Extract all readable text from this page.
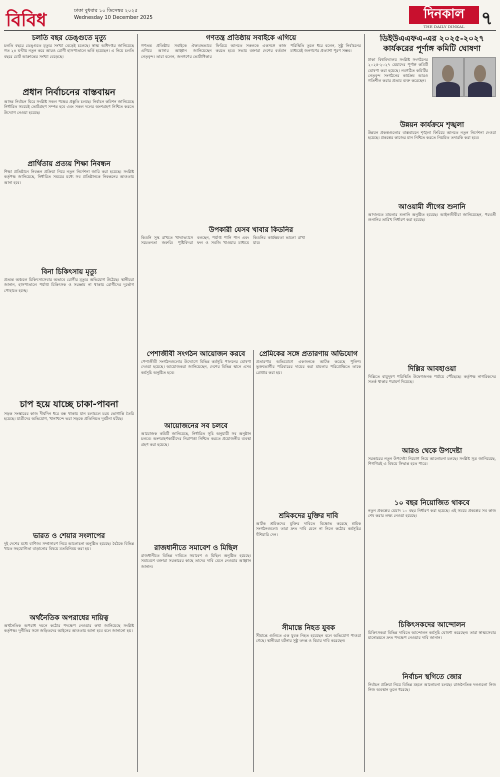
বিবিধ	ঢাকা বুধবার ১০ ডিসেম্বর ২০২৫
Wednesday 10 December 2025	দিনকাল
THE DAILY DINKAL ৭
চলতি বছর ডেঙ্গুতে মৃত্যু
চলতি বছরে ডেঙ্গুতে মৃত্যুর সংখ্যা বেড়েই চলেছে। স্বাস্থ্য অধিদপ্তর জানিয়েছে গত ২৪ ঘণ্টায় নতুন করে আরও রোগী হাসপাতালে ভর্তি হয়েছেন। এ নিয়ে চলতি বছরে মোট আক্রান্তের সংখ্যা বেড়েছে।
প্রধান নির্বাচনের বাস্তবায়ন
আসন্ন নির্বাচন ঘিরে সংশ্লিষ্ট সকল পক্ষের প্রস্তুতি চলছে। নির্বাচন কমিশন জানিয়েছে নির্ধারিত সময়েই ভোটগ্রহণ সম্পন্ন হবে এবং সকল দলের অংশগ্রহণ নিশ্চিত করতে উদ্যোগ নেওয়া হয়েছে।
প্রার্থিতায় প্রত্যয় শিক্ষা নিবন্ধন
শিক্ষা প্রতিষ্ঠানে নিবন্ধন প্রক্রিয়া নিয়ে নতুন নির্দেশনা জারি করা হয়েছে। সংশ্লিষ্ট কর্তৃপক্ষ জানিয়েছে, নির্ধারিত সময়ের মধ্যে সব প্রতিষ্ঠানকে নিবন্ধনের আওতায় আনা হবে।
বিনা চিকিৎসায় মৃত্যু
প্রত্যন্ত অঞ্চলে চিকিৎসাসেবার অভাবে রোগীর মৃত্যুর অভিযোগ উঠেছে। স্থানীয়রা জানান, হাসপাতালে পর্যাপ্ত চিকিৎসক ও সরঞ্জাম না থাকায় রোগীদের দুর্ভোগ পোহাতে হচ্ছে।
চাপ হয়ে যাচ্ছে চাকা-পাবনা
সড়ক সংস্কারের কাজ দীর্ঘদিন ধরে বন্ধ থাকায় যান চলাচলে চরম ভোগান্তি তৈরি হয়েছে। যাত্রীদের অভিযোগ, খানাখন্দে ভরা সড়কে প্রতিনিয়ত দুর্ঘটনা ঘটছে।
ভারত ও শেয়ার সংলাপের
দুই দেশের মধ্যে বাণিজ্য সম্প্রসারণ নিয়ে আলোচনা অনুষ্ঠিত হয়েছে। বৈঠকে বিভিন্ন খাতে সহযোগিতা বাড়ানোর বিষয়ে মতবিনিময় করা হয়।
অর্থনৈতিক অপরাধের দায়িত্ব
অর্থনৈতিক অপরাধ দমনে কঠোর পদক্ষেপ নেওয়ার কথা জানিয়েছে সংশ্লিষ্ট কর্তৃপক্ষ। দুর্নীতির সঙ্গে জড়িতদের আইনের আওতায় আনা হবে বলে জানানো হয়।
গণতন্ত্র প্রতিষ্ঠায় সবাইকে এগিয়ে
গণতন্ত্র প্রতিষ্ঠায় সবাইকে ঐক্যবদ্ধভাবে এগিয়ে আসার আহ্বান জানিয়েছেন নেতৃবৃন্দ। তারা বলেন, জনগণের ভোটাধিকার ফিরিয়ে আনতে সকলকে একসঙ্গে কাজ করতে হবে। সভায় বক্তারা দেশের বর্তমান পরিস্থিতি তুলে ধরে বলেন, সুষ্ঠু নির্বাচনের মাধ্যমেই জনগণের প্রত্যাশা পূরণ সম্ভব।
উপকারী যেসব খাবার কিডনির
কিডনি সুস্থ রাখতে খাদ্যাভ্যাসে সচেতনতা জরুরি। পুষ্টিবিদরা বলছেন, পর্যাপ্ত পানি পান এবং ফল ও সবজি খাওয়ার মাধ্যমে কিডনির কার্যক্ষমতা ভালো রাখা যায়।
পেশাজীবী সংগঠন আয়োজন করবে
পেশাজীবী সংগঠনগুলোর উদ্যোগে বিভিন্ন কর্মসূচি পালনের ঘোষণা দেওয়া হয়েছে। আয়োজকরা জানিয়েছেন, দেশের বিভিন্ন স্থানে এসব কর্মসূচি অনুষ্ঠিত হবে।
আয়োজনের সব চলবে
আয়োজক কমিটি জানিয়েছে, নির্ধারিত সূচি অনুযায়ী সব অনুষ্ঠান চলবে। অংশগ্রহণকারীদের নিরাপত্তা নিশ্চিত করতে প্রয়োজনীয় ব্যবস্থা গ্রহণ করা হয়েছে।
রাজধানীতে সমাবেশ ও মিছিল
রাজধানীতে বিভিন্ন দাবিতে সমাবেশ ও মিছিল অনুষ্ঠিত হয়েছে। সমাবেশে বক্তারা সরকারের কাছে তাদের দাবি মেনে নেওয়ার আহ্বান জানান।
প্রেমিকের সঙ্গে প্রতারণায় অভিযোগ
প্রতারণার অভিযোগে একজনকে আটক করেছে পুলিশ। ভুক্তভোগীর পরিবারের দায়ের করা মামলার পরিপ্রেক্ষিতে তাকে গ্রেপ্তার করা হয়।
শ্রমিকদের মুক্তির দাবি
আটক শ্রমিকদের মুক্তির দাবিতে বিক্ষোভ করেছে শ্রমিক সংগঠনগুলো। তারা দ্রুত দাবি মেনে না নিলে কঠোর কর্মসূচির হুঁশিয়ারি দেন।
সীমান্তে নিহত যুবক
সীমান্তে গুলিতে এক যুবক নিহত হয়েছেন বলে অভিযোগ পাওয়া গেছে। স্থানীয়রা ঘটনার সুষ্ঠু তদন্ত ও বিচার দাবি করেছেন।
ডিইউএএফএ-এর ২০২৫-২০২৭ কার্যকরের পূর্ণাঙ্গ কমিটি ঘোষণা
ঢাকা বিশ্ববিদ্যালয় সংশ্লিষ্ট সংগঠনের ২০২৫-২০২৭ মেয়াদের পূর্ণাঙ্গ কমিটি ঘোষণা করা হয়েছে। নবগঠিত কমিটির নেতৃবৃন্দ সংগঠনের কার্যক্রম আরও গতিশীল করার প্রত্যয় ব্যক্ত করেছেন।
উন্নয়ন কার্যক্রমে শৃঙ্খলা
উন্নয়ন প্রকল্পগুলোর বাস্তবায়নে শৃঙ্খলা ফিরিয়ে আনতে নতুন নির্দেশনা দেওয়া হয়েছে। প্রকল্পের কাজের মান নিশ্চিত করতে নিয়মিত তদারকি করা হবে।
আওয়ামী লীগের শুনানি
আদালতে মামলার শুনানি অনুষ্ঠিত হয়েছে। আইনজীবীরা জানিয়েছেন, পরবর্তী শুনানির তারিখ নির্ধারণ করা হয়েছে।
দিল্লির আবহাওয়া
দিল্লিতে বায়ুদূষণ পরিস্থিতি উদ্বেগজনক পর্যায়ে পৌঁছেছে। কর্তৃপক্ষ নাগরিকদের সতর্ক থাকার পরামর্শ দিয়েছে।
আরও থেকে উপদেষ্টা
সরকারের নতুন উপদেষ্টা নিয়োগ নিয়ে আলোচনা চলছে। সংশ্লিষ্ট সূত্র জানিয়েছে, শিগগিরই এ বিষয়ে সিদ্ধান্ত হতে পারে।
১০ বছর নিয়োজিত থাকবে
নতুন প্রকল্পের মেয়াদ ১০ বছর নির্ধারণ করা হয়েছে। এই সময়ে প্রকল্পের সব কাজ শেষ করার লক্ষ্য নেওয়া হয়েছে।
চিকিৎসকদের আন্দোলন
চিকিৎসকরা বিভিন্ন দাবিতে আন্দোলন কর্মসূচি ঘোষণা করেছেন। তারা স্বাস্থ্যসেবার মানোন্নয়নে দ্রুত পদক্ষেপ নেওয়ার দাবি জানান।
নির্বাচন স্থগিতে জোর
নির্বাচন প্রক্রিয়া নিয়ে বিভিন্ন মহলে আলোচনা চলছে। রাজনৈতিক দলগুলো নিজ নিজ অবস্থান তুলে ধরেছে।
